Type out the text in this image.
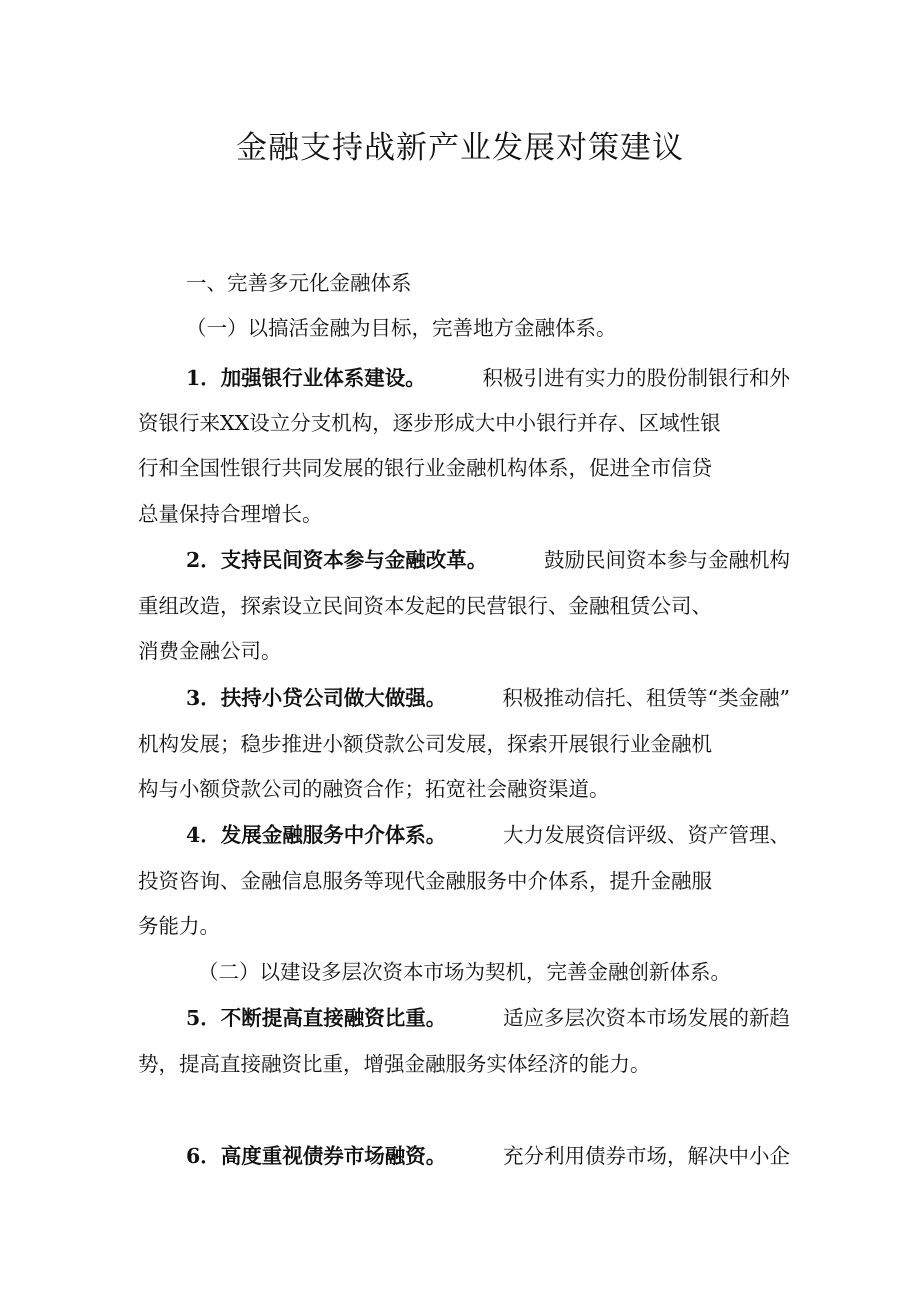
金融支持战新产业发展对策建议
一、完善多元化金融体系
（一）以搞活金融为目标，完善地方金融体系。
1．加强银行业体系建设。	积极引进有实力的股份制银行和外
资银行来XX设立分支机构，逐步形成大中小银行并存、区域性银
行和全国性银行共同发展的银行业金融机构体系，促进全市信贷
总量保持合理增长。
2．支持民间资本参与金融改革。	鼓励民间资本参与金融机构
重组改造，探索设立民间资本发起的民营银行、金融租赁公司、
消费金融公司。
3．扶持小贷公司做大做强。	积极推动信托、租赁等“类金融”
机构发展；稳步推进小额贷款公司发展，探索开展银行业金融机
构与小额贷款公司的融资合作；拓宽社会融资渠道。
4．发展金融服务中介体系。	大力发展资信评级、资产管理、
投资咨询、金融信息服务等现代金融服务中介体系，提升金融服
务能力。
（二）以建设多层次资本市场为契机，完善金融创新体系。
5．不断提高直接融资比重。	适应多层次资本市场发展的新趋
势，提高直接融资比重，增强金融服务实体经济的能力。
6．高度重视债券市场融资。	充分利用债券市场，解决中小企
